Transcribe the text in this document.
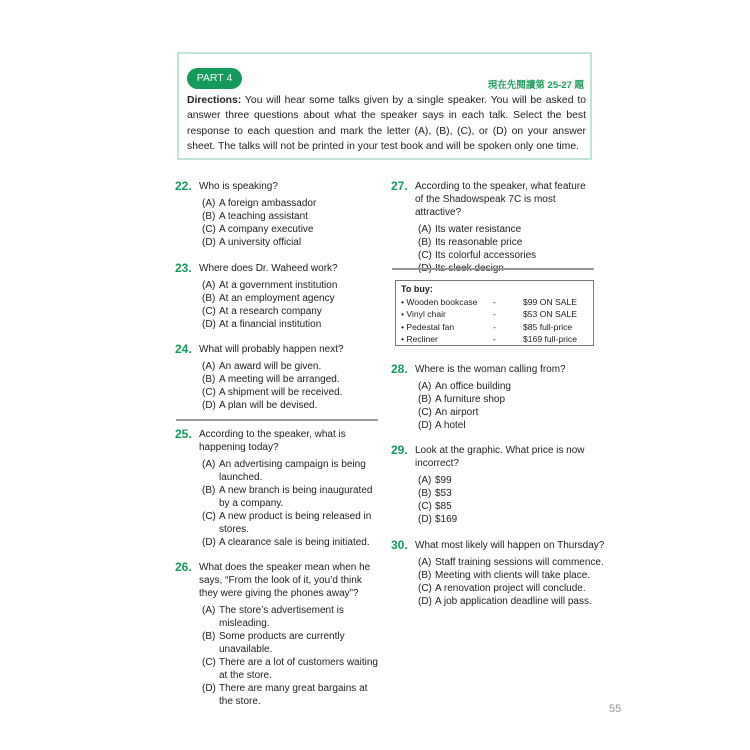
PART 4
現在先閱讀第 25-27 題
Directions: You will hear some talks given by a single speaker. You will be asked to answer three questions about what the speaker says in each talk. Select the best response to each question and mark the letter (A), (B), (C), or (D) on your answer sheet. The talks will not be printed in your test book and will be spoken only one time.
22. Who is speaking?
(A) A foreign ambassador
(B) A teaching assistant
(C) A company executive
(D) A university official
23. Where does Dr. Waheed work?
(A) At a government institution
(B) At an employment agency
(C) At a research company
(D) At a financial institution
24. What will probably happen next?
(A) An award will be given.
(B) A meeting will be arranged.
(C) A shipment will be received.
(D) A plan will be devised.
25. According to the speaker, what is happening today?
(A) An advertising campaign is being launched.
(B) A new branch is being inaugurated by a company.
(C) A new product is being released in stores.
(D) A clearance sale is being initiated.
26. What does the speaker mean when he says, “From the look of it, you’d think they were giving the phones away”?
(A) The store’s advertisement is misleading.
(B) Some products are currently unavailable.
(C) There are a lot of customers waiting at the store.
(D) There are many great bargains at the store.
27. According to the speaker, what feature of the Shadowspeak 7C is most attractive?
(A) Its water resistance
(B) Its reasonable price
(C) Its colorful accessories
To buy:
• Wooden bookcase	-	$99 ON SALE
• Vinyl chair	-	$53 ON SALE
• Pedestal fan	-	$85 full-price
• Recliner	-	$169 full-price
28. Where is the woman calling from?
(A) An office building
(B) A furniture shop
(C) An airport
(D) A hotel
29. Look at the graphic. What price is now incorrect?
(A) $99
(B) $53
(C) $85
(D) $169
30. What most likely will happen on Thursday?
(A) Staff training sessions will commence.
(B) Meeting with clients will take place.
(C) A renovation project will conclude.
(D) A job application deadline will pass.
55
